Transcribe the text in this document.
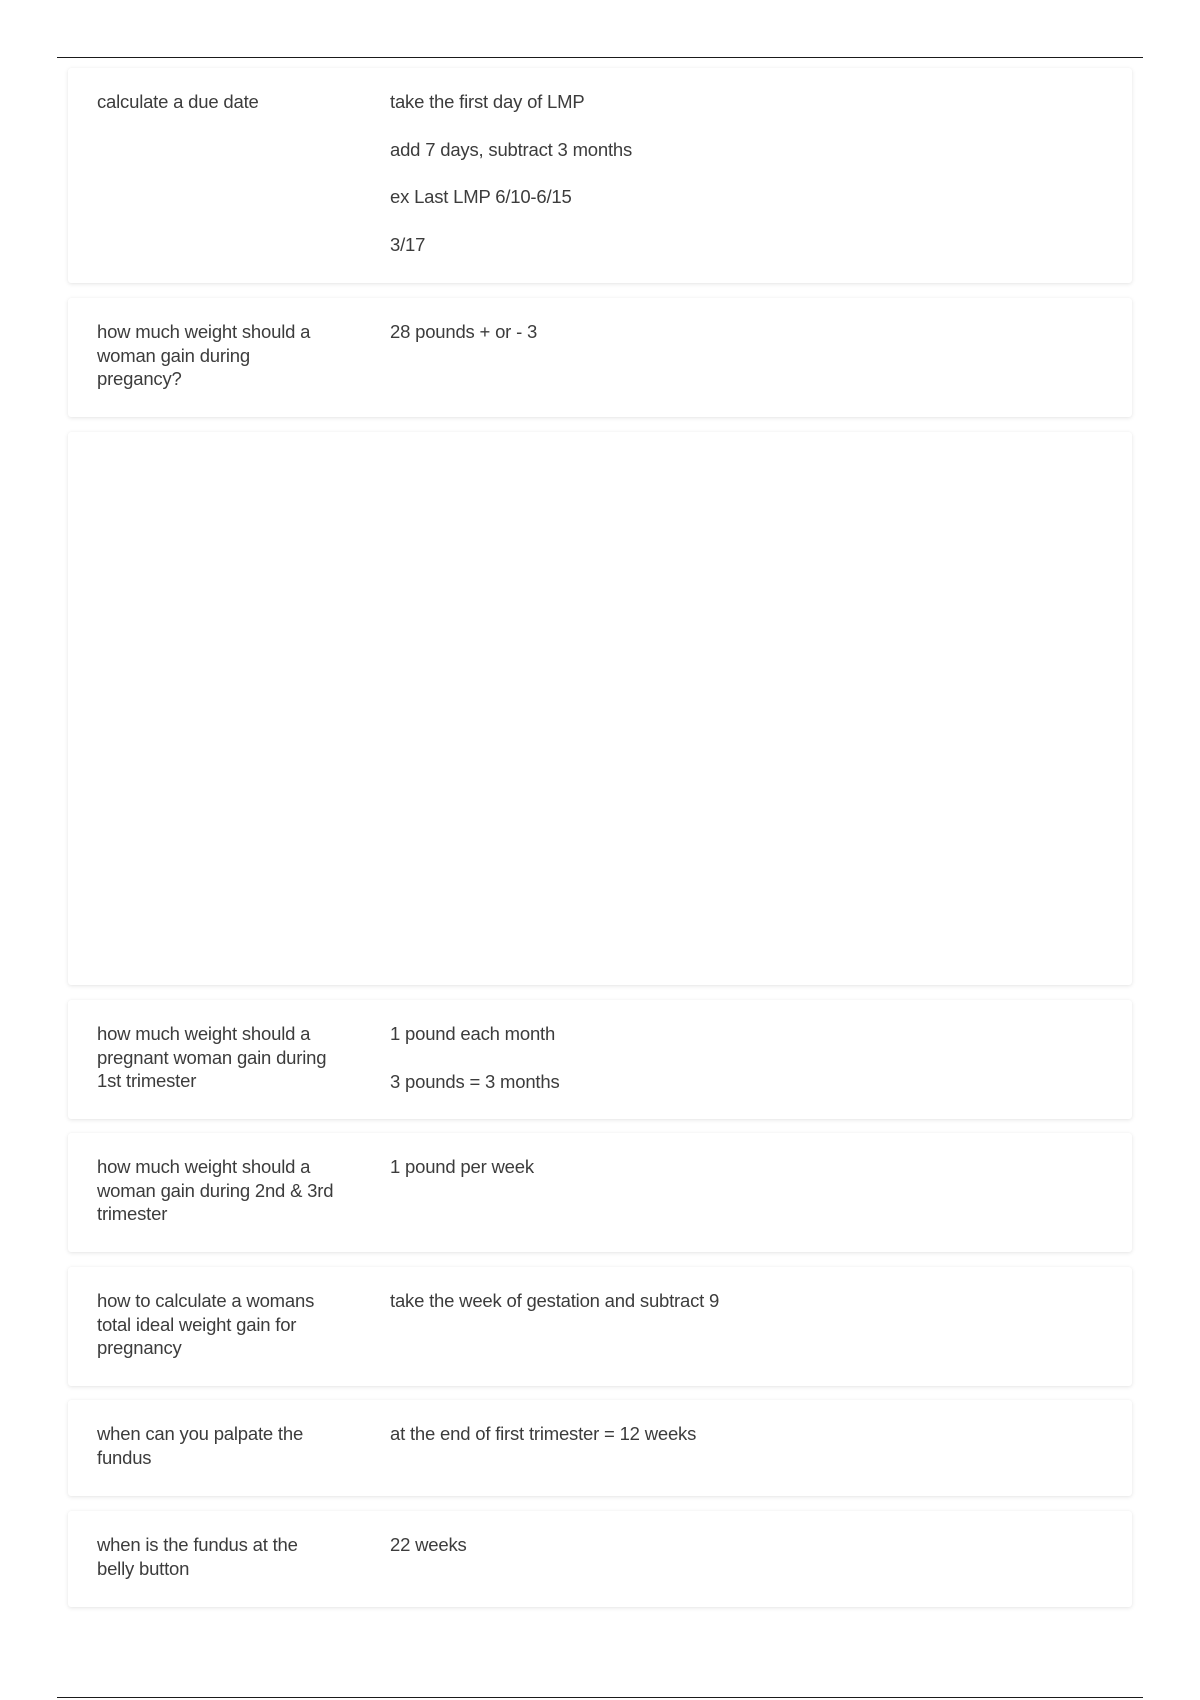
calculate a due date	take the first day of LMP

add 7 days, subtract 3 months

ex Last LMP 6/10-6/15

3/17

how much weight should a woman gain during pregancy?

28 pounds + or - 3

how much weight should a pregnant woman gain during 1st trimester

1 pound each month

3 pounds = 3 months

how much weight should a woman gain during 2nd & 3rd trimester

1 pound per week

how to calculate a womans total ideal weight gain for pregnancy

take the week of gestation and subtract 9

when can you palpate the fundus

at the end of first trimester = 12 weeks

when is the fundus at the belly button

22 weeks
